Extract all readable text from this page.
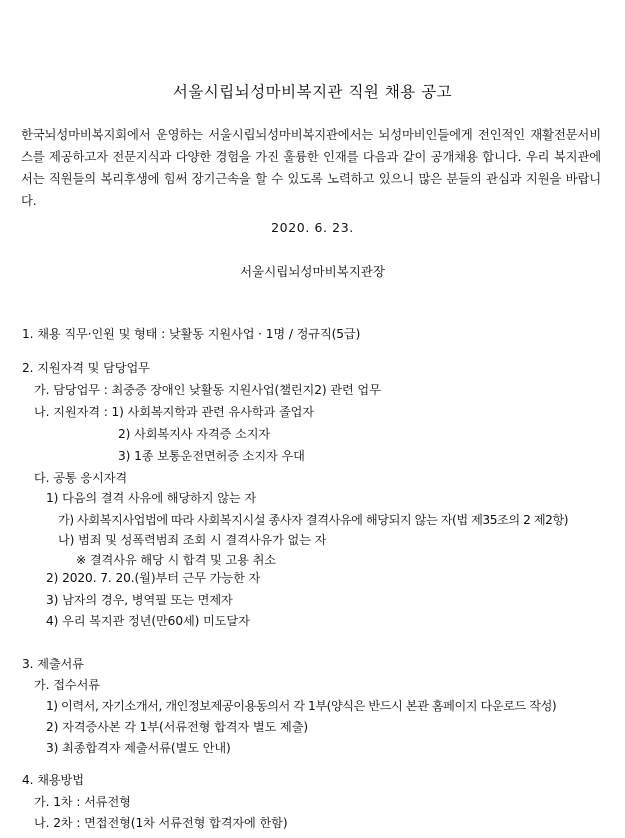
서울시립뇌성마비복지관 직원 채용 공고

한국뇌성마비복지회에서 운영하는 서울시립뇌성마비복지관에서는 뇌성마비인들에게 전인적인 재활전문서비스를 제공하고자 전문지식과 다양한 경험을 가진 훌륭한 인재를 다음과 같이 공개채용 합니다. 우리 복지관에서는 직원들의 복리후생에 힘써 장기근속을 할 수 있도록 노력하고 있으니 많은 분들의 관심과 지원을 바랍니다.

2020. 6. 23.
서울시립뇌성마비복지관장
1. 채용 직무·인원 및 형태 : 낮활동 지원사업 · 1명 / 정규직(5급)
2. 지원자격 및 담당업무
가. 담당업무 : 최중증 장애인 낮활동 지원사업(챌린지2) 관련 업무
나. 지원자격 : 1) 사회복지학과 관련 유사학과 졸업자
2) 사회복지사 자격증 소지자
3) 1종 보통운전면허증 소지자 우대
다. 공통 응시자격
1) 다음의 결격 사유에 해당하지 않는 자
가) 사회복지사업법에 따라 사회복지시설 종사자 결격사유에 해당되지 않는 자(법 제35조의 2 제2항)
나) 범죄 및 성폭력범죄 조회 시 결격사유가 없는 자
※ 결격사유 해당 시 합격 및 고용 취소
2) 2020. 7. 20.(월)부터 근무 가능한 자
3) 남자의 경우, 병역필 또는 면제자
4) 우리 복지관 정년(만60세) 미도달자
3. 제출서류
가. 접수서류
1) 이력서, 자기소개서, 개인정보제공이용동의서 각 1부(양식은 반드시 본관 홈페이지 다운로드 작성)
2) 자격증사본 각 1부(서류전형 합격자 별도 제출)
3) 최종합격자 제출서류(별도 안내)
4. 채용방법
가. 1차 : 서류전형
나. 2차 : 면접전형(1차 서류전형 합격자에 한함)
